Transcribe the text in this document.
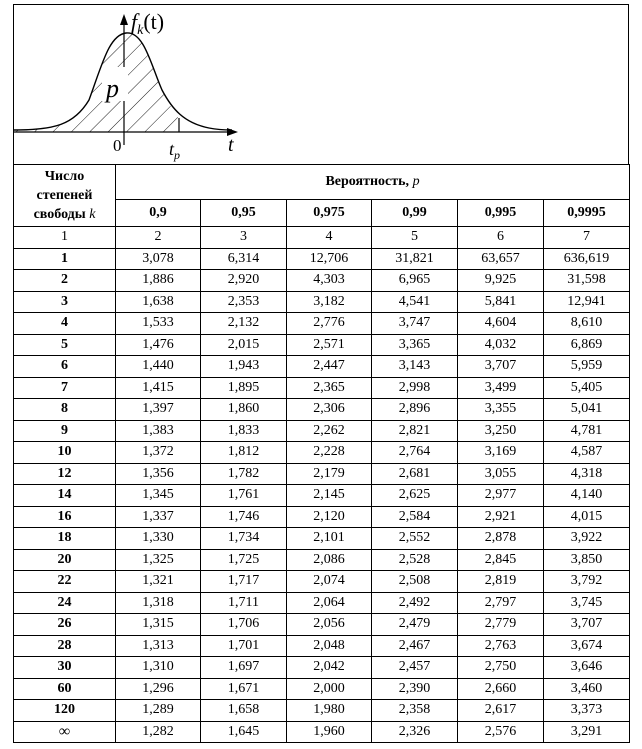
p
$f_k(t)$
0	$t_p$ t
Число
степеней
свободы k	Вероятность, p					
	0,9	0,95	0,975	0,99	0,995	0,9995
1	2	3	4	5	6	7
1	3,078	6,314	12,706	31,821	63,657	636,619
2	1,886	2,920	4,303	6,965	9,925	31,598
3	1,638	2,353	3,182	4,541	5,841	12,941
4	1,533	2,132	2,776	3,747	4,604	8,610
5	1,476	2,015	2,571	3,365	4,032	6,869
6	1,440	1,943	2,447	3,143	3,707	5,959
7	1,415	1,895	2,365	2,998	3,499	5,405
8	1,397	1,860	2,306	2,896	3,355	5,041
9	1,383	1,833	2,262	2,821	3,250	4,781
10	1,372	1,812	2,228	2,764	3,169	4,587
12	1,356	1,782	2,179	2,681	3,055	4,318
14	1,345	1,761	2,145	2,625	2,977	4,140
16	1,337	1,746	2,120	2,584	2,921	4,015
18	1,330	1,734	2,101	2,552	2,878	3,922
20	1,325	1,725	2,086	2,528	2,845	3,850
22	1,321	1,717	2,074	2,508	2,819	3,792
24	1,318	1,711	2,064	2,492	2,797	3,745
26	1,315	1,706	2,056	2,479	2,779	3,707
28	1,313	1,701	2,048	2,467	2,763	3,674
30	1,310	1,697	2,042	2,457	2,750	3,646
60	1,296	1,671	2,000	2,390	2,660	3,460
120	1,289	1,658	1,980	2,358	2,617	3,373
∞	1,282	1,645	1,960	2,326	2,576	3,291
